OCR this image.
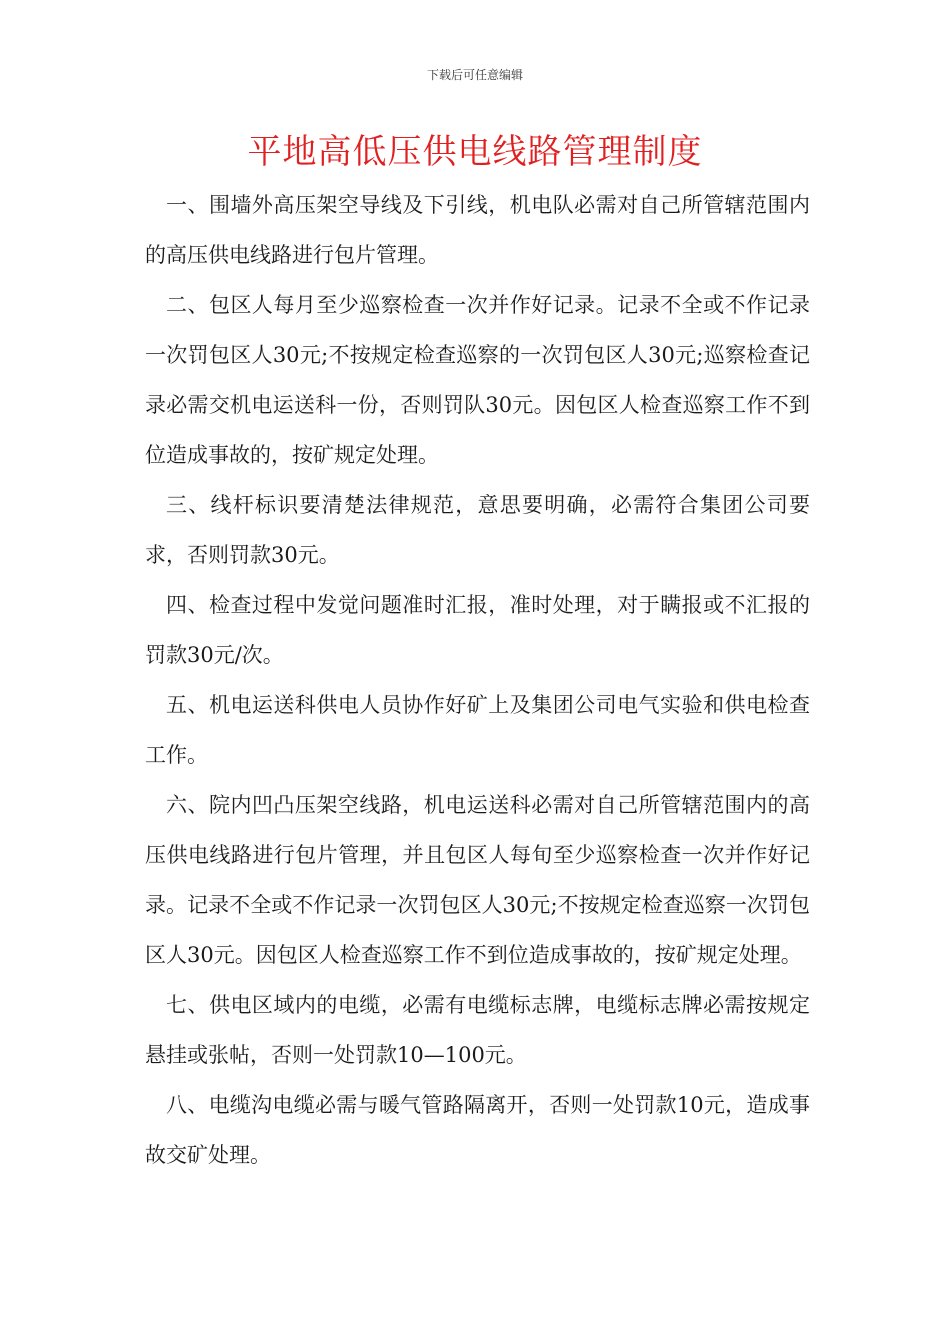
下载后可任意编辑
平地高低压供电线路管理制度

一、围墙外高压架空导线及下引线，机电队必需对自己所管辖范围内的高压供电线路进行包片管理。

二、包区人每月至少巡察检查一次并作好记录。记录不全或不作记录一次罚包区人30元;不按规定检查巡察的一次罚包区人30元;巡察检查记录必需交机电运送科一份，否则罚队30元。因包区人检查巡察工作不到位造成事故的，按矿规定处理。

三、线杆标识要清楚法律规范，意思要明确，必需符合集团公司要求，否则罚款30元。

四、检查过程中发觉问题准时汇报，准时处理，对于瞒报或不汇报的罚款30元/次。

五、机电运送科供电人员协作好矿上及集团公司电气实验和供电检查工作。

六、院内凹凸压架空线路，机电运送科必需对自己所管辖范围内的高压供电线路进行包片管理，并且包区人每旬至少巡察检查一次并作好记录。记录不全或不作记录一次罚包区人30元;不按规定检查巡察一次罚包区人30元。因包区人检查巡察工作不到位造成事故的，按矿规定处理。

七、供电区域内的电缆，必需有电缆标志牌，电缆标志牌必需按规定悬挂或张帖，否则一处罚款10—100元。

八、电缆沟电缆必需与暖气管路隔离开，否则一处罚款10元，造成事故交矿处理。
